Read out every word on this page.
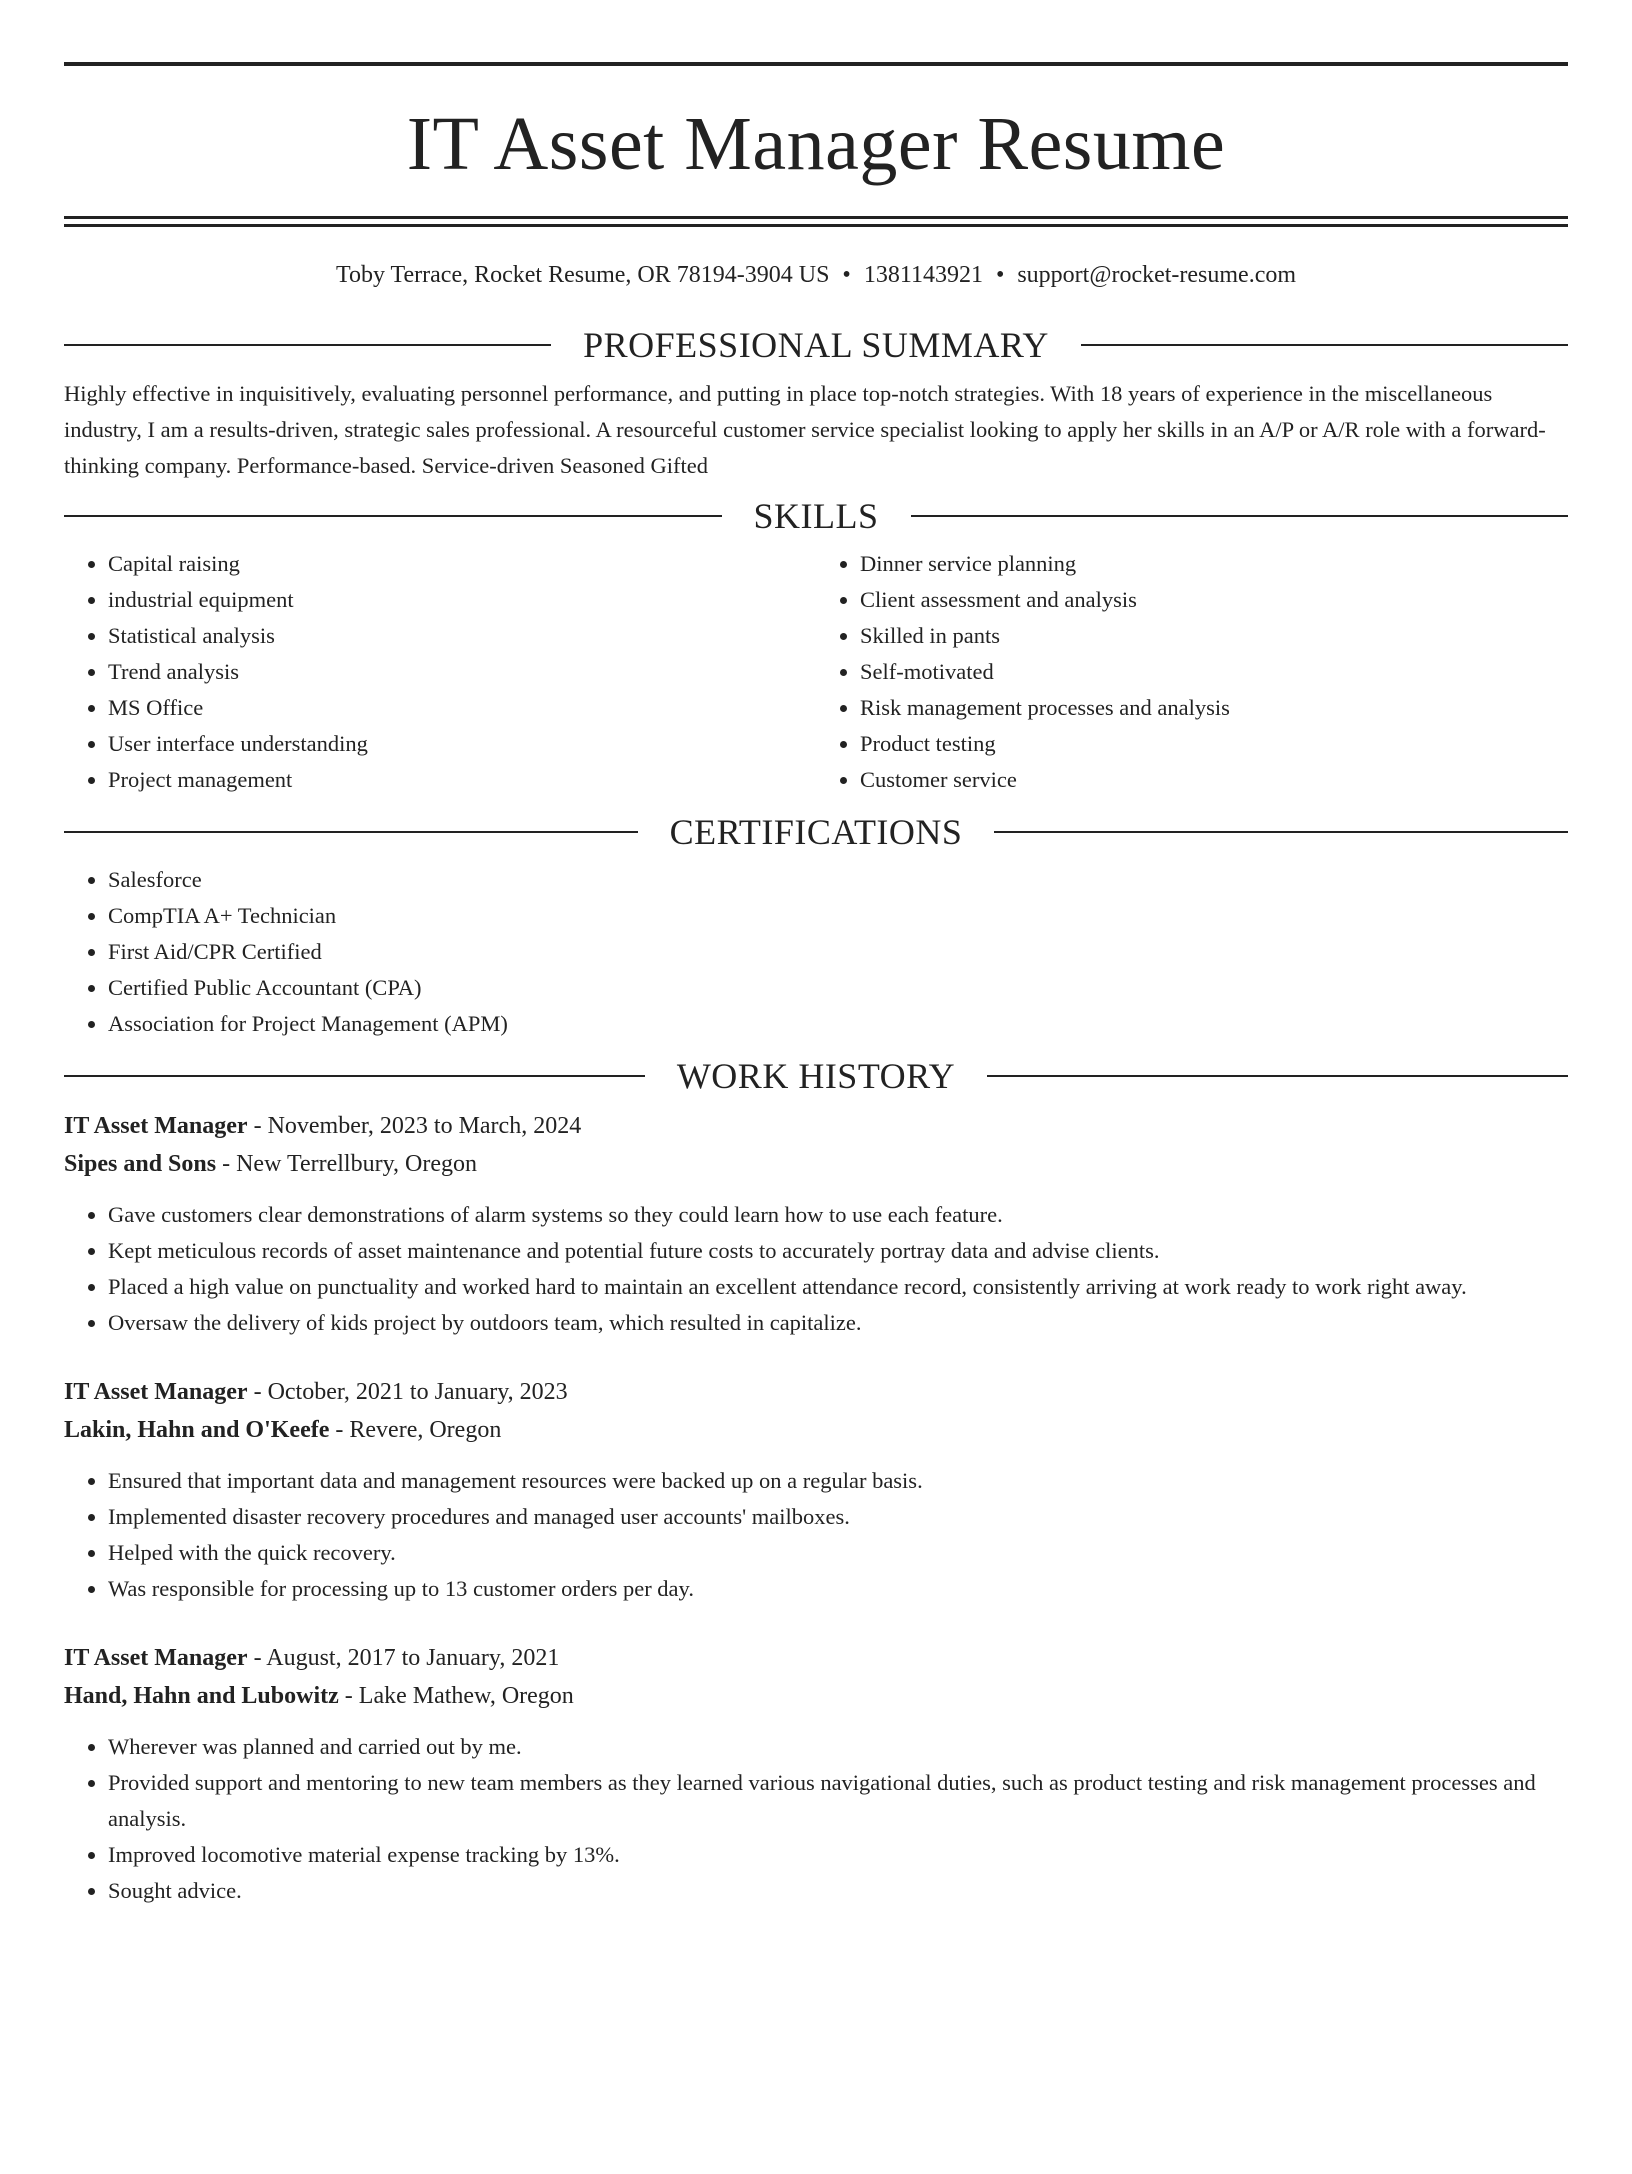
IT Asset Manager Resume
Toby Terrace, Rocket Resume, OR 78194-3904 US • 1381143921 • support@rocket-resume.com
PROFESSIONAL SUMMARY

Highly effective in inquisitively, evaluating personnel performance, and putting in place top-notch strategies. With 18 years of experience in the miscellaneous industry, I am a results-driven, strategic sales professional. A resourceful customer service specialist looking to apply her skills in an A/P or A/R role with a forward-thinking company. Performance-based. Service-driven Seasoned Gifted

SKILLS
• Capital raising
• industrial equipment
• Statistical analysis
• Trend analysis
• MS Office
• User interface understanding
• Project management
• Dinner service planning
• Client assessment and analysis
• Skilled in pants
• Self-motivated
• Risk management processes and analysis
• Product testing
• Customer service
CERTIFICATIONS
• Salesforce
• CompTIA A+ Technician
• First Aid/CPR Certified
• Certified Public Accountant (CPA)
• Association for Project Management (APM)
WORK HISTORY
IT Asset Manager - November, 2023 to March, 2024
Sipes and Sons - New Terrellbury, Oregon
• Gave customers clear demonstrations of alarm systems so they could learn how to use each feature.
• Kept meticulous records of asset maintenance and potential future costs to accurately portray data and advise clients.
• Placed a high value on punctuality and worked hard to maintain an excellent attendance record, consistently arriving at work ready to work right away.
• Oversaw the delivery of kids project by outdoors team, which resulted in capitalize.
IT Asset Manager - October, 2021 to January, 2023
Lakin, Hahn and O'Keefe - Revere, Oregon
• Ensured that important data and management resources were backed up on a regular basis.
• Implemented disaster recovery procedures and managed user accounts' mailboxes.
• Helped with the quick recovery.
• Was responsible for processing up to 13 customer orders per day.
IT Asset Manager - August, 2017 to January, 2021
Hand, Hahn and Lubowitz - Lake Mathew, Oregon
• Wherever was planned and carried out by me.
• Provided support and mentoring to new team members as they learned various navigational duties, such as product testing and risk management processes and analysis.
• Improved locomotive material expense tracking by 13%.
• Sought advice.
